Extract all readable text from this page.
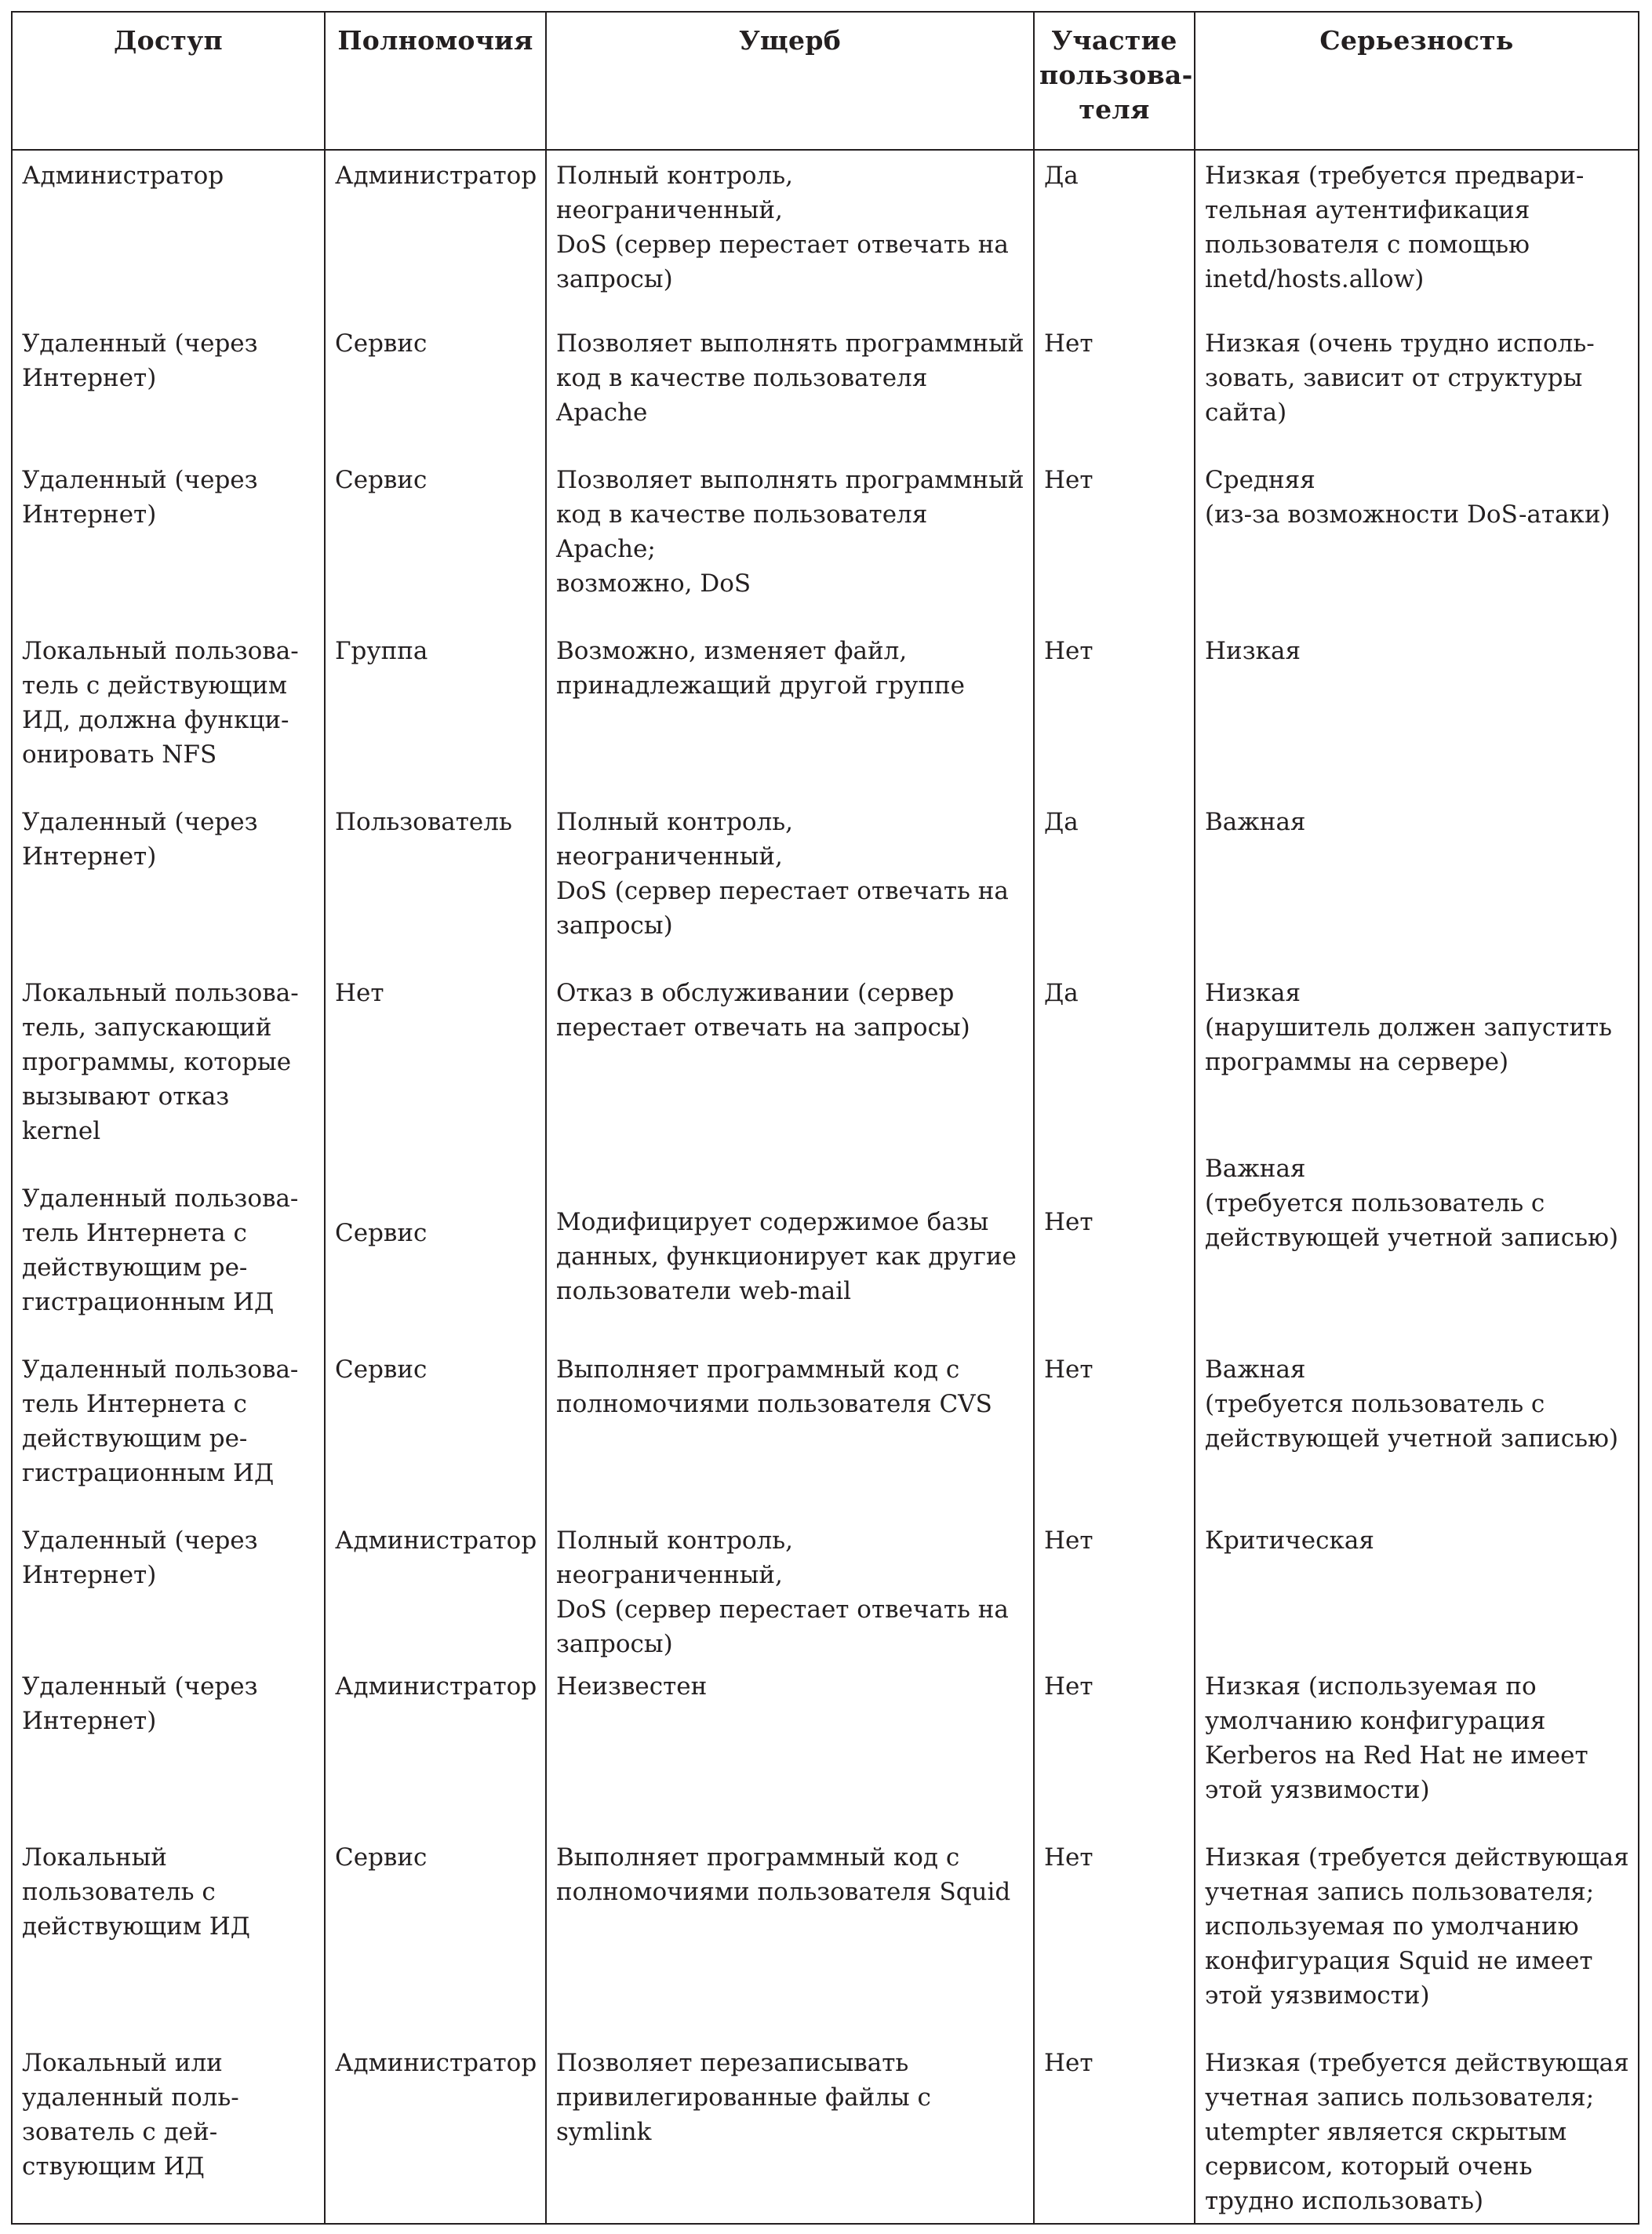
Доступ	Полномочия	Ущерб	Участие
пользова-
теля	Серьезность
Администратор	Администратор	Полный контроль, неограниченный,
DoS (сервер перестает отвечать на
запросы)	Да	Низкая (требуется предвари-
тельная аутентификация
пользователя с помощью
inetd/hosts.allow)
Удаленный (через
Интернет)	Сервис	Позволяет выполнять программный
код в качестве пользователя Apache	Нет	Низкая (очень трудно исполь-
зовать, зависит от структуры
сайта)
Удаленный (через
Интернет)	Сервис	Позволяет выполнять программный
код в качестве пользователя Apache;
возможно, DoS	Нет	Средняя
(из-за возможности DoS-атаки)
Локальный пользова-
тель с действующим
ИД, должна функци-
онировать NFS	Группа	Возможно, изменяет файл,
принадлежащий другой группе	Нет	Низкая
Удаленный (через
Интернет)	Пользователь	Полный контроль, неограниченный,
DoS (сервер перестает отвечать на
запросы)	Да	Важная
Локальный пользова-
тель, запускающий
программы, которые
вызывают отказ
kernel	Нет	Отказ в обслуживании (сервер
перестает отвечать на запросы)	Да	Низкая
(нарушитель должен запустить
программы на сервере)
Удаленный пользова-
тель Интернета с
действующим ре-
гистрационным ИД	Сервис	Модифицирует содержимое базы
данных, функционирует как другие
пользователи web-mail	Нет	Важная
(требуется пользователь с
действующей учетной записью)

Удаленный пользова-
тель Интернета с
действующим ре-
гистрационным ИД	Сервис	Выполняет программный код с
полномочиями пользователя CVS	Нет	Важная
(требуется пользователь с
действующей учетной записью)
Удаленный (через
Интернет)	Администратор	Полный контроль, неограниченный,
DoS (сервер перестает отвечать на
запросы)	Нет	Критическая
Удаленный (через
Интернет)	Администратор	Неизвестен	Нет	Низкая (используемая по
умолчанию конфигурация
Kerberos на Red Hat не имеет
этой уязвимости)
Локальный
пользователь с
действующим ИД	Сервис	Выполняет программный код с
полномочиями пользователя Squid	Нет	Низкая (требуется действующая
учетная запись пользователя;
используемая по умолчанию
конфигурация Squid не имеет
этой уязвимости)
Локальный или
удаленный поль-
зователь с дей-
ствующим ИД	Администратор	Позволяет перезаписывать
привилегированные файлы с symlink	Нет	Низкая (требуется действующая
учетная запись пользователя;
utempter является скрытым
сервисом, который очень
трудно использовать)
